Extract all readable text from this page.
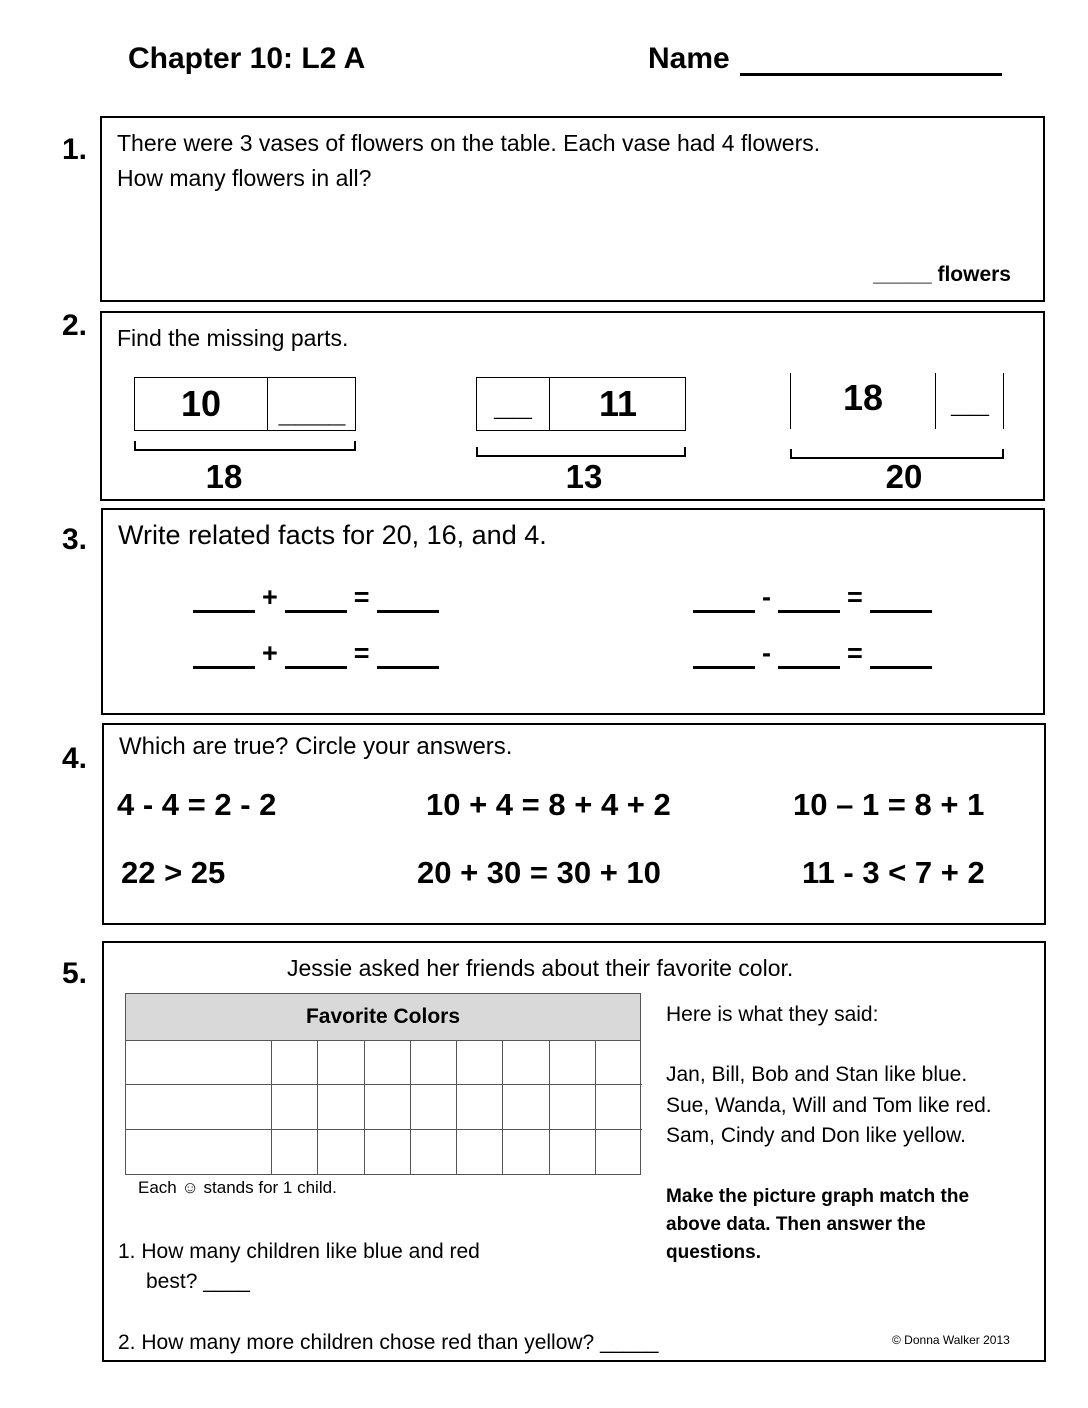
Chapter 10: L2 A	Name
1. There were 3 vases of flowers on the table. Each vase had 4 flowers.
How many flowers in all?
_____ flowers
2. Find the missing parts.
10	____
18
__	11
13
18	__
20
3. Write related facts for 20, 16, and 4.
+	=
+	=
-	=
-	=
4. Which are true? Circle your answers.
4 - 4 = 2 - 2	10 + 4 = 8 + 4 + 2	10 – 1 = 8 + 1
22 > 25	20 + 30 = 30 + 10	11 - 3 < 7 + 2
5.	Jessie asked her friends about their favorite color.
Favorite Colors
Each ☺ stands for 1 child.
Here is what they said:
Jan, Bill, Bob and Stan like blue.
Sue, Wanda, Will and Tom like red.
Sam, Cindy and Don like yellow.
Make the picture graph match the above data. Then answer the questions.
1. How many children like blue and red
best? ____
2. How many more children chose red than yellow? _____	© Donna Walker 2013
